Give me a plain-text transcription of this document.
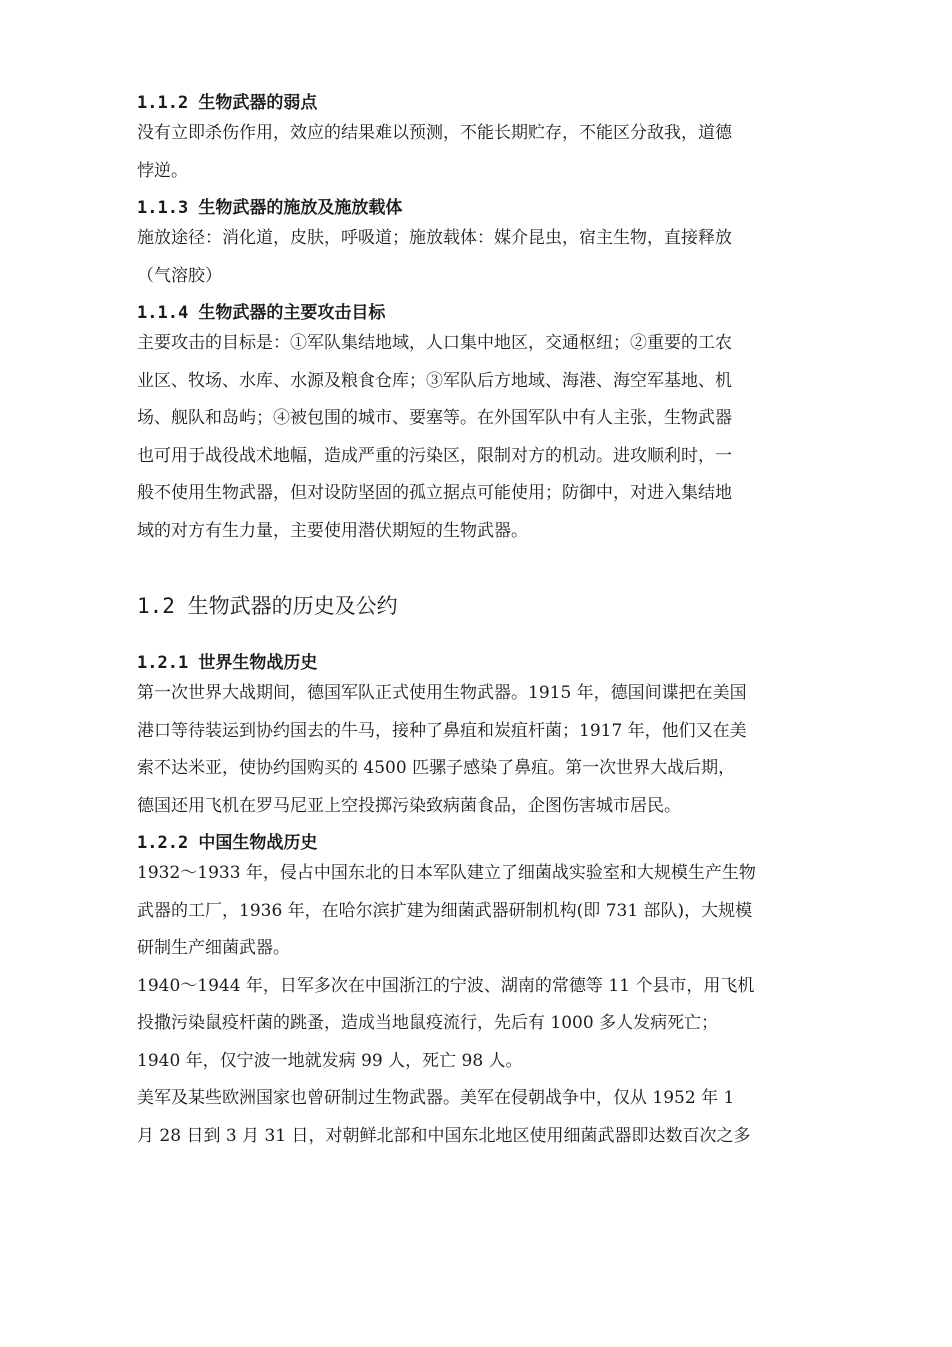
1.1.2 生物武器的弱点
没有立即杀伤作用，效应的结果难以预测，不能长期贮存，不能区分敌我，道德
悖逆。
1.1.3 生物武器的施放及施放载体
施放途径：消化道，皮肤，呼吸道；施放载体：媒介昆虫，宿主生物，直接释放
（气溶胶）
1.1.4 生物武器的主要攻击目标
主要攻击的目标是：①军队集结地域，人口集中地区，交通枢纽；②重要的工农
业区、牧场、水库、水源及粮食仓库；③军队后方地域、海港、海空军基地、机
场、舰队和岛屿；④被包围的城市、要塞等。在外国军队中有人主张，生物武器
也可用于战役战术地幅，造成严重的污染区，限制对方的机动。进攻顺利时，一
般不使用生物武器，但对设防坚固的孤立据点可能使用；防御中，对进入集结地
域的对方有生力量，主要使用潜伏期短的生物武器。
1.2 生物武器的历史及公约
1.2.1 世界生物战历史
第一次世界大战期间，德国军队正式使用生物武器。1915 年，德国间谍把在美国
港口等待装运到协约国去的牛马，接种了鼻疽和炭疽杆菌；1917 年，他们又在美
索不达米亚，使协约国购买的 4500 匹骡子感染了鼻疽。第一次世界大战后期，
德国还用飞机在罗马尼亚上空投掷污染致病菌食品，企图伤害城市居民。
1.2.2 中国生物战历史
1932～1933 年，侵占中国东北的日本军队建立了细菌战实验室和大规模生产生物
武器的工厂，1936 年，在哈尔滨扩建为细菌武器研制机构(即 731 部队)，大规模
研制生产细菌武器。
1940～1944 年，日军多次在中国浙江的宁波、湖南的常德等 11 个县市，用飞机
投撒污染鼠疫杆菌的跳蚤，造成当地鼠疫流行，先后有 1000 多人发病死亡；
1940 年，仅宁波一地就发病 99 人，死亡 98 人。
美军及某些欧洲国家也曾研制过生物武器。美军在侵朝战争中，仅从 1952 年 1
月 28 日到 3 月 31 日，对朝鲜北部和中国东北地区使用细菌武器即达数百次之多
